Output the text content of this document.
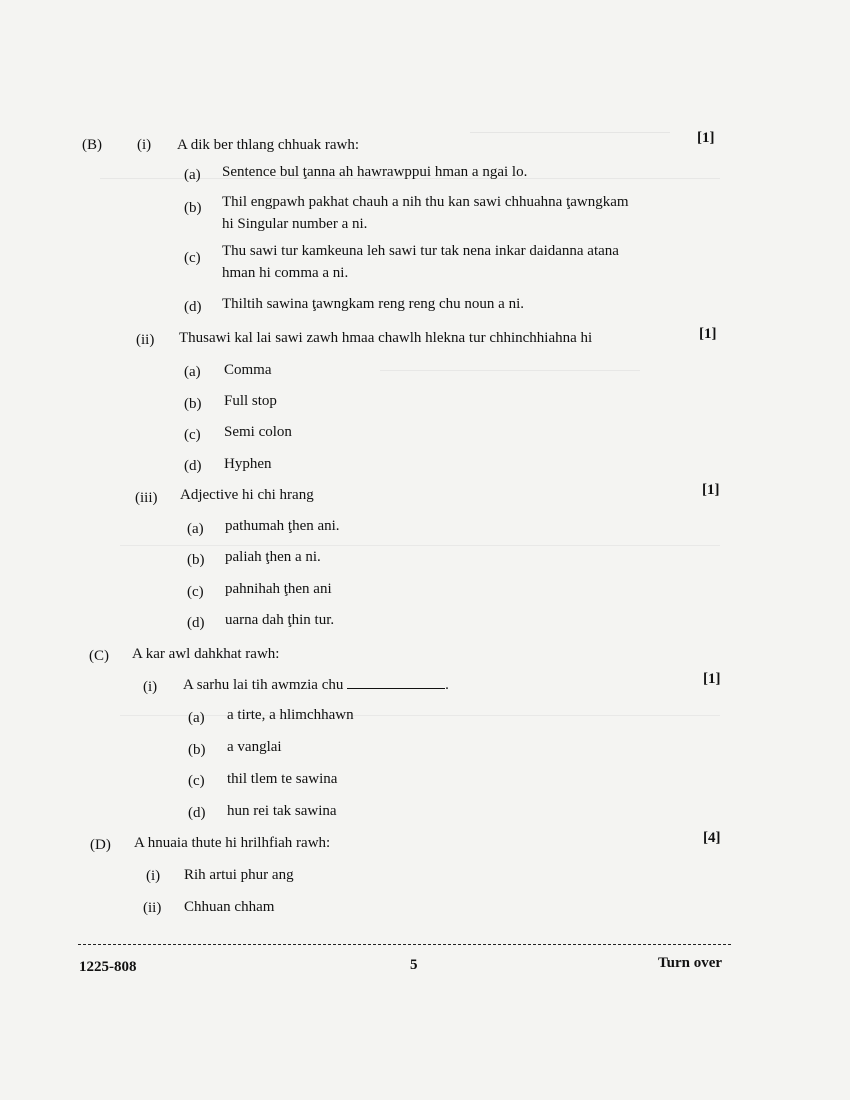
(B) (i) A dik ber thlang chhuak rawh:	[1]
(a) Sentence bul ţanna ah hawrawppui hman a ngai lo.
(b) Thil engpawh pakhat chauh a nih thu kan sawi chhuahna ţawngkam
hi Singular number a ni.
(c) Thu sawi tur kamkeuna leh sawi tur tak nena inkar daidanna atana
hman hi comma a ni.
(d) Thiltih sawina ţawngkam reng reng chu noun a ni.
(ii) Thusawi kal lai sawi zawh hmaa chawlh hlekna tur chhinchhiahna hi	[1]
(a) Comma
(b) Full stop
(c) Semi colon
(d) Hyphen
(iii) Adjective hi chi hrang	[1]
(a) pathumah ţhen ani.
(b) paliah ţhen a ni.
(c) pahnihah ţhen ani
(d) uarna dah ţhin tur.
(C) A kar awl dahkhat rawh:
(i) A sarhu lai tih awmzia chu	.	[1]
(a) a tirte, a hlimchhawn
(b) a vanglai
(c) thil tlem te sawina
(d) hun rei tak sawina
(D) A hnuaia thute hi hrilhfiah rawh:	[4]
(i) Rih artui phur ang
(ii) Chhuan chham
1225-808	5	Turn over
